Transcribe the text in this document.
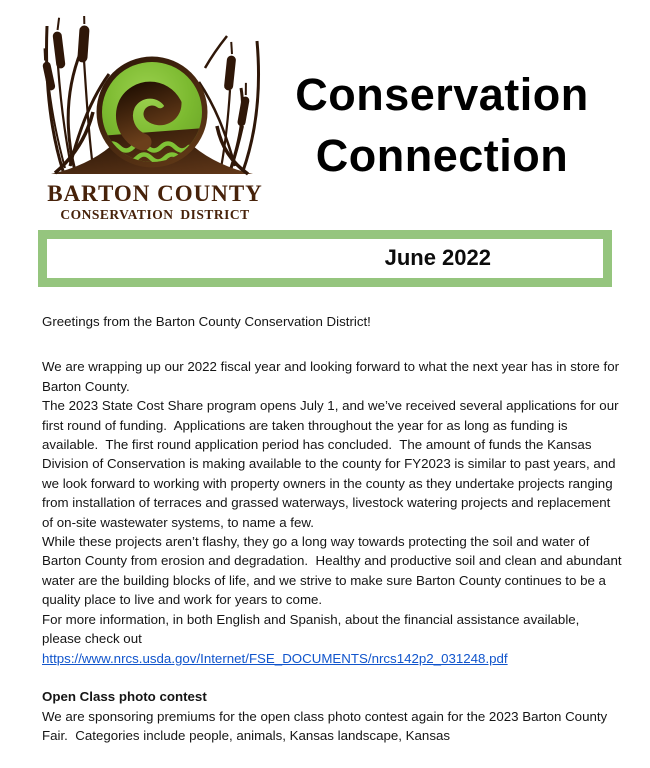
BARTON COUNTY
CONSERVATION DISTRICT
Conservation
Connection
June 2022

Greetings from the Barton County Conservation District!

We are wrapping up our 2022 fiscal year and looking forward to what the next year has in store for Barton County.

The 2023 State Cost Share program opens July 1, and we’ve received several applications for our first round of funding.  Applications are taken throughout the year for as long as funding is available.  The first round application period has concluded.  The amount of funds the Kansas Division of Conservation is making available to the county for FY2023 is similar to past years, and we look forward to working with property owners in the county as they undertake projects ranging from installation of terraces and grassed waterways, livestock watering projects and replacement of on-site wastewater systems, to name a few.

While these projects aren’t flashy, they go a long way towards protecting the soil and water of Barton County from erosion and degradation.  Healthy and productive soil and clean and abundant water are the building blocks of life, and we strive to make sure Barton County continues to be a quality place to live and work for years to come.

For more information, in both English and Spanish, about the financial assistance available, please check out

https://www.nrcs.usda.gov/Internet/FSE_DOCUMENTS/nrcs142p2_031248.pdf

Open Class photo contest

We are sponsoring premiums for the open class photo contest again for the 2023 Barton County Fair.  Categories include people, animals, Kansas landscape, Kansas
